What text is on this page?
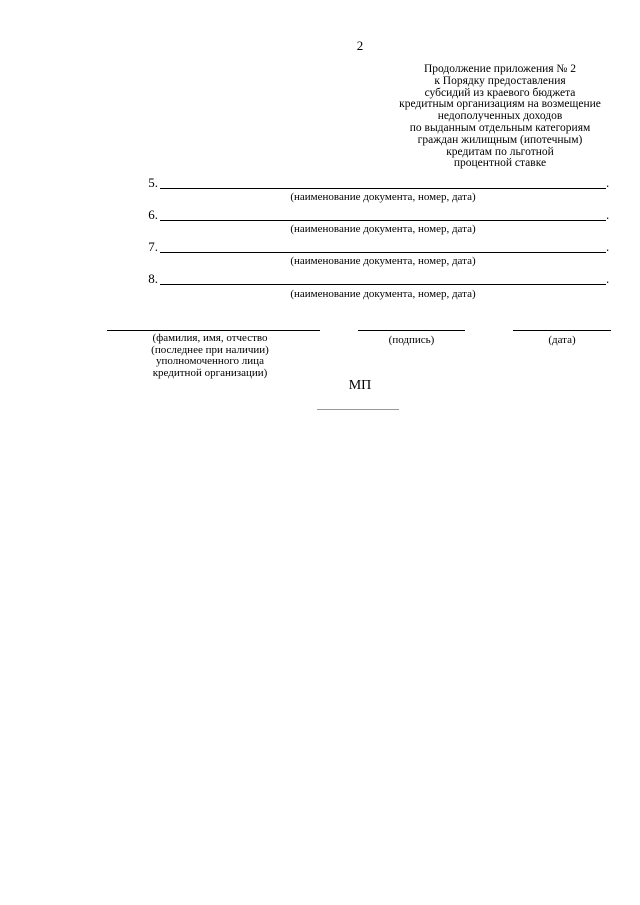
2
Продолжение приложения № 2
к Порядку предоставления
субсидий из краевого бюджета
кредитным организациям на возмещение
недополученных доходов
по выданным отдельным категориям
граждан жилищным (ипотечным)
кредитам по льготной
процентной ставке
5.	.
(наименование документа, номер, дата)
6.	.
(наименование документа, номер, дата)
7.	.
(наименование документа, номер, дата)
8.	.
(наименование документа, номер, дата)
(фамилия, имя, отчество
(последнее при наличии)
уполномоченного лица
кредитной организации)
(подпись)	(дата)
МП
